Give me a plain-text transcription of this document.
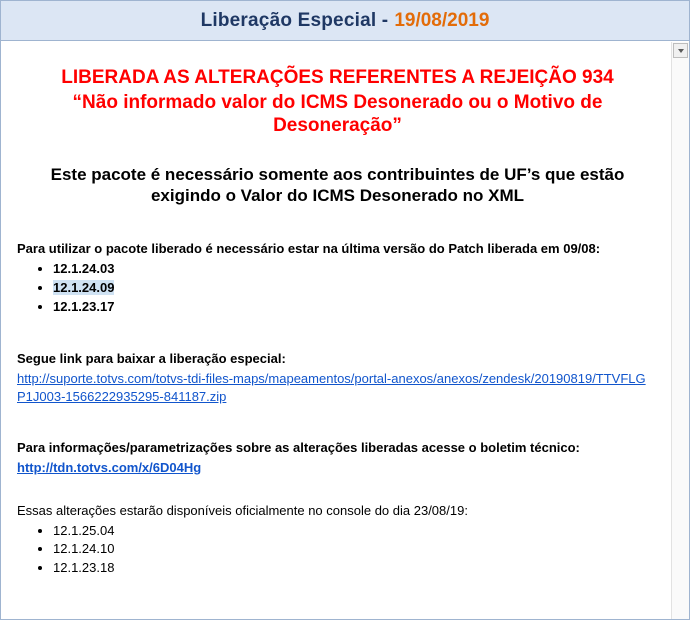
Liberação Especial - 19/08/2019
LIBERADA AS ALTERAÇÕES REFERENTES A REJEIÇÃO 934
“Não informado valor do ICMS Desonerado ou o Motivo de Desoneração”
Este pacote é necessário somente aos contribuintes de UF’s que estão exigindo o Valor do ICMS Desonerado no XML
Para utilizar o pacote liberado é necessário estar na última versão do Patch liberada em 09/08:
• 12.1.24.03
• 12.1.24.09
• 12.1.23.17
Segue link para baixar a liberação especial:
http://suporte.totvs.com/totvs-tdi-files-maps/mapeamentos/portal-anexos/anexos/zendesk/20190819/TTVFLGP1J003-1566222935295-841187.zip
Para informações/parametrizações sobre as alterações liberadas acesse o boletim técnico:
http://tdn.totvs.com/x/6D04Hg
Essas alterações estarão disponíveis oficialmente no console do dia 23/08/19:
• 12.1.25.04
• 12.1.24.10
• 12.1.23.18
